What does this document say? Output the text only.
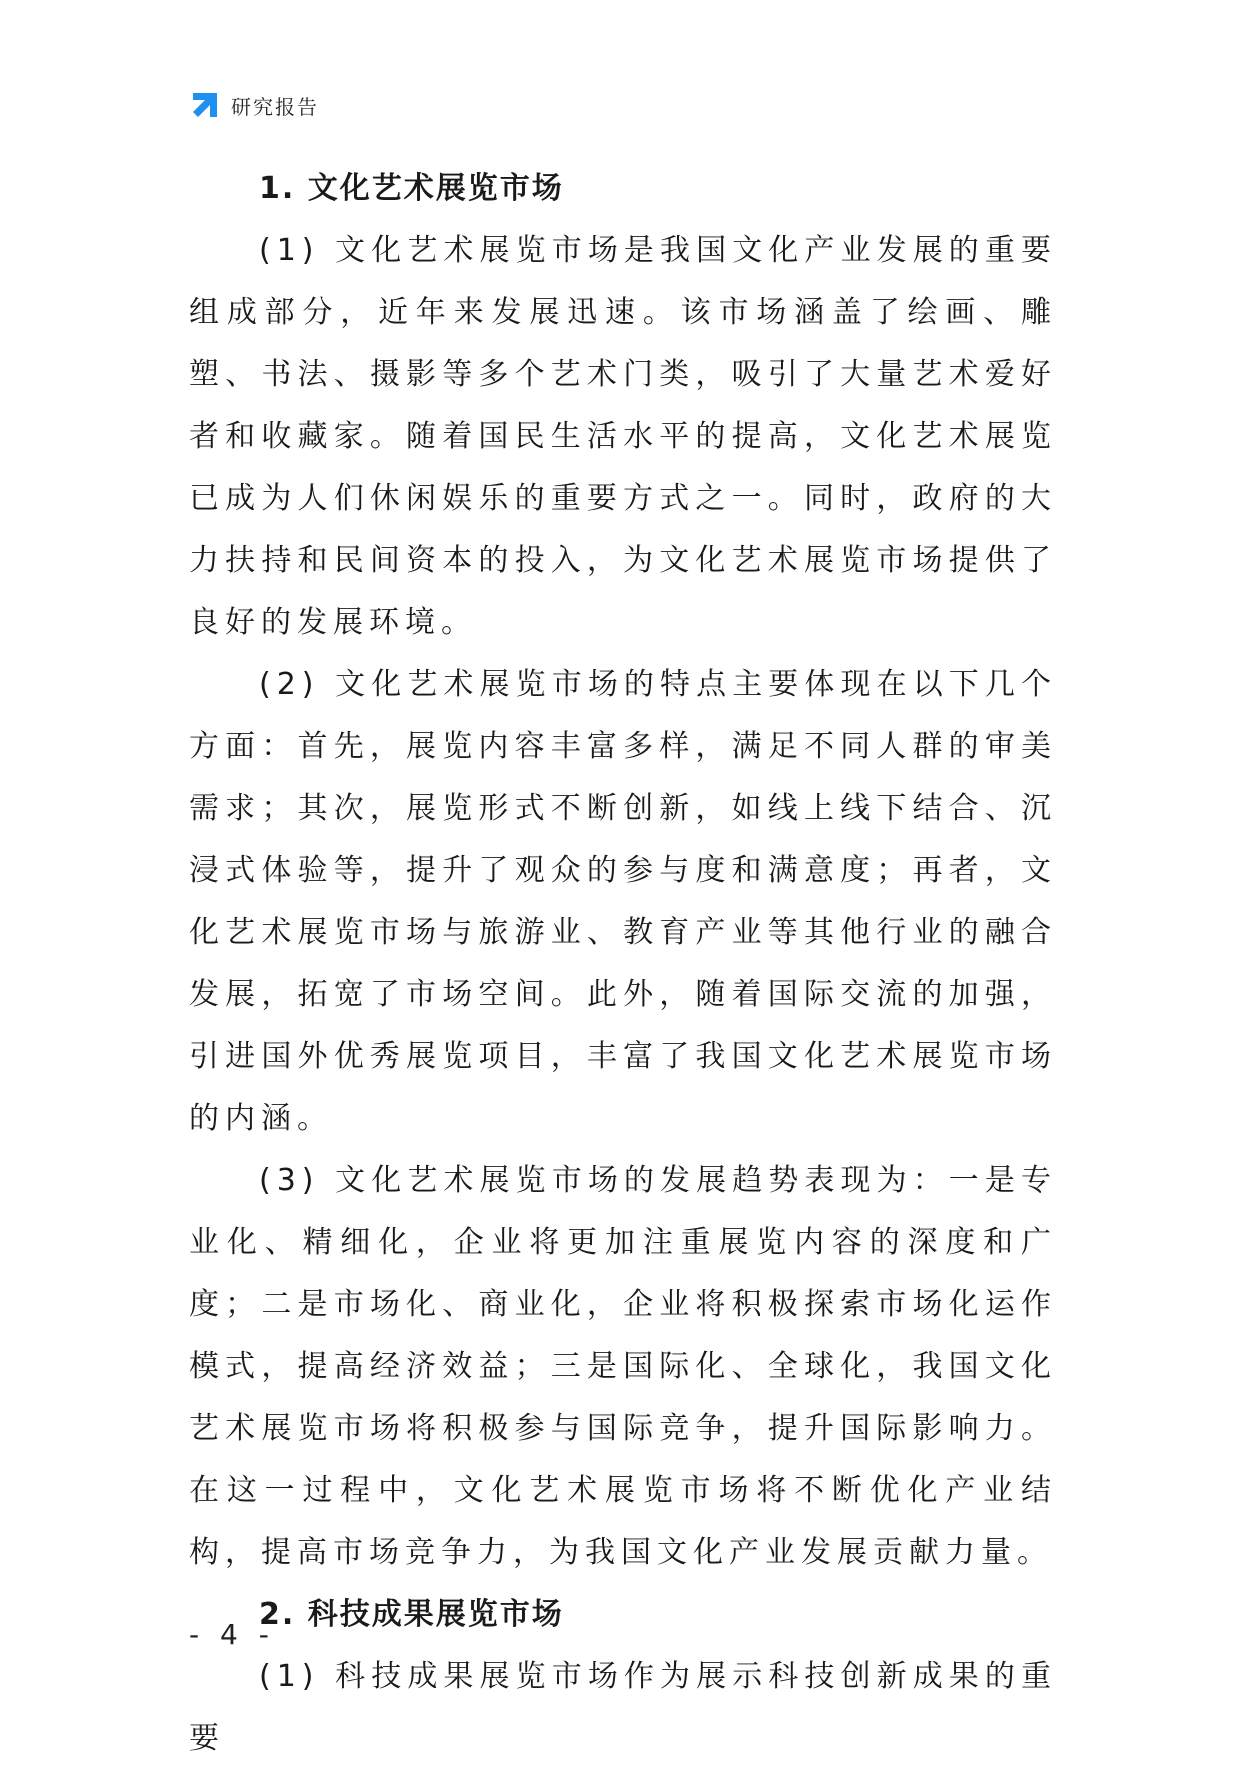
研究报告
1. 文化艺术展览市场

(1) 文化艺术展览市场是我国文化产业发展的重要组成部分，近年来发展迅速。该市场涵盖了绘画、雕塑、书法、摄影等多个艺术门类，吸引了大量艺术爱好者和收藏家。随着国民生活水平的提高，文化艺术展览已成为人们休闲娱乐的重要方式之一。同时，政府的大力扶持和民间资本的投入，为文化艺术展览市场提供了良好的发展环境。

(2) 文化艺术展览市场的特点主要体现在以下几个方面：首先，展览内容丰富多样，满足不同人群的审美需求；其次，展览形式不断创新，如线上线下结合、沉浸式体验等，提升了观众的参与度和满意度；再者，文化艺术展览市场与旅游业、教育产业等其他行业的融合发展，拓宽了市场空间。此外，随着国际交流的加强，引进国外优秀展览项目，丰富了我国文化艺术展览市场的内涵。

(3) 文化艺术展览市场的发展趋势表现为：一是专业化、精细化，企业将更加注重展览内容的深度和广度；二是市场化、商业化，企业将积极探索市场化运作模式，提高经济效益；三是国际化、全球化，我国文化艺术展览市场将积极参与国际竞争，提升国际影响力。在这一过程中，文化艺术展览市场将不断优化产业结构，提高市场竞争力，为我国文化产业发展贡献力量。

2. 科技成果展览市场

(1) 科技成果展览市场作为展示科技创新成果的重要

- 4 -
